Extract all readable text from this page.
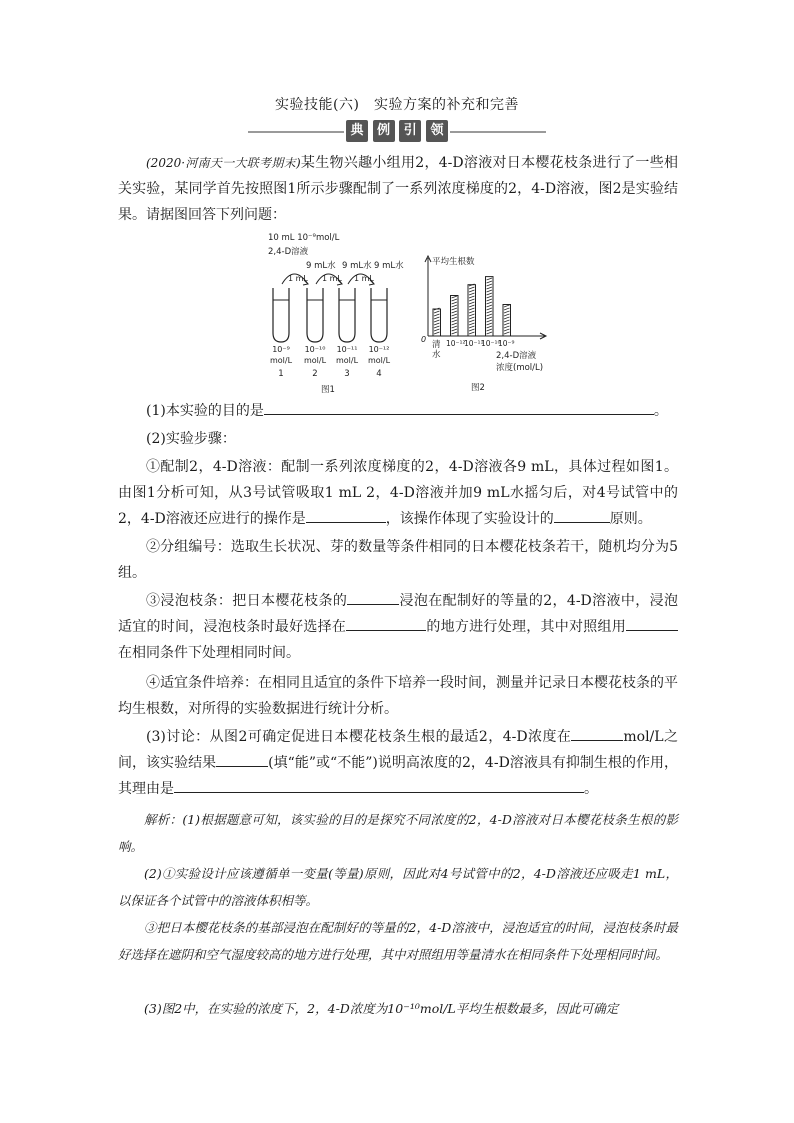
实验技能(六)　实验方案的补充和完善
典	例	引	领
(2020·河南天一大联考期末)某生物兴趣小组用2，4-D溶液对日本樱花枝条进行了一些相关实验，某同学首先按照图1所示步骤配制了一系列浓度梯度的2，4-D溶液，图2是实验结果。请据图回答下列问题：
10 mL 10⁻⁹mol/L
2,4-D溶液
9 mL水 9 mL水 9 mL水
1 mL 1 mL 1 mL
10⁻⁹ 10⁻¹⁰ 10⁻¹¹ 10⁻¹²
mol/L mol/L mol/L mol/L
1	2	3	4
图1
平均生根数
0
清
水
10⁻¹²
10⁻¹¹
10⁻¹⁰
10⁻⁹
2,4-D溶液
浓度(mol/L)
图2
(1)本实验的目的是	。
(2)实验步骤：
①配制2，4-D溶液：配制一系列浓度梯度的2，4-D溶液各9 mL，具体过程如图1。由图1分析可知，从3号试管吸取1 mL 2，4-D溶液并加9 mL水摇匀后，对4号试管中的2，4-D溶液还应进行的操作是	，该操作体现了实验设计的	原则。
②分组编号：选取生长状况、芽的数量等条件相同的日本樱花枝条若干，随机均分为5组。
③浸泡枝条：把日本樱花枝条的	浸泡在配制好的等量的2，4-D溶液中，浸泡适宜的时间，浸泡枝条时最好选择在	的地方进行处理，其中对照组用在相同条件下处理相同时间。
④适宜条件培养：在相同且适宜的条件下培养一段时间，测量并记录日本樱花枝条的平均生根数，对所得的实验数据进行统计分析。
(3)讨论：从图2可确定促进日本樱花枝条生根的最适2，4-D浓度在	mol/L之间，该实验结果	(填“能”或“不能”)说明高浓度的2，4-D溶液具有抑制生根的作用，其理由是	。
解析：(1)根据题意可知，该实验的目的是探究不同浓度的2，4-D溶液对日本樱花枝条生根的影响。
(2)①实验设计应该遵循单一变量(等量)原则，因此对4号试管中的2，4-D溶液还应吸走1 mL，以保证各个试管中的溶液体积相等。
③把日本樱花枝条的基部浸泡在配制好的等量的2，4-D溶液中，浸泡适宜的时间，浸泡枝条时最好选择在遮阴和空气湿度较高的地方进行处理，其中对照组用等量清水在相同条件下处理相同时间。
(3)图2中，在实验的浓度下，2，4-D浓度为10⁻¹⁰mol/L平均生根数最多，因此可确定
